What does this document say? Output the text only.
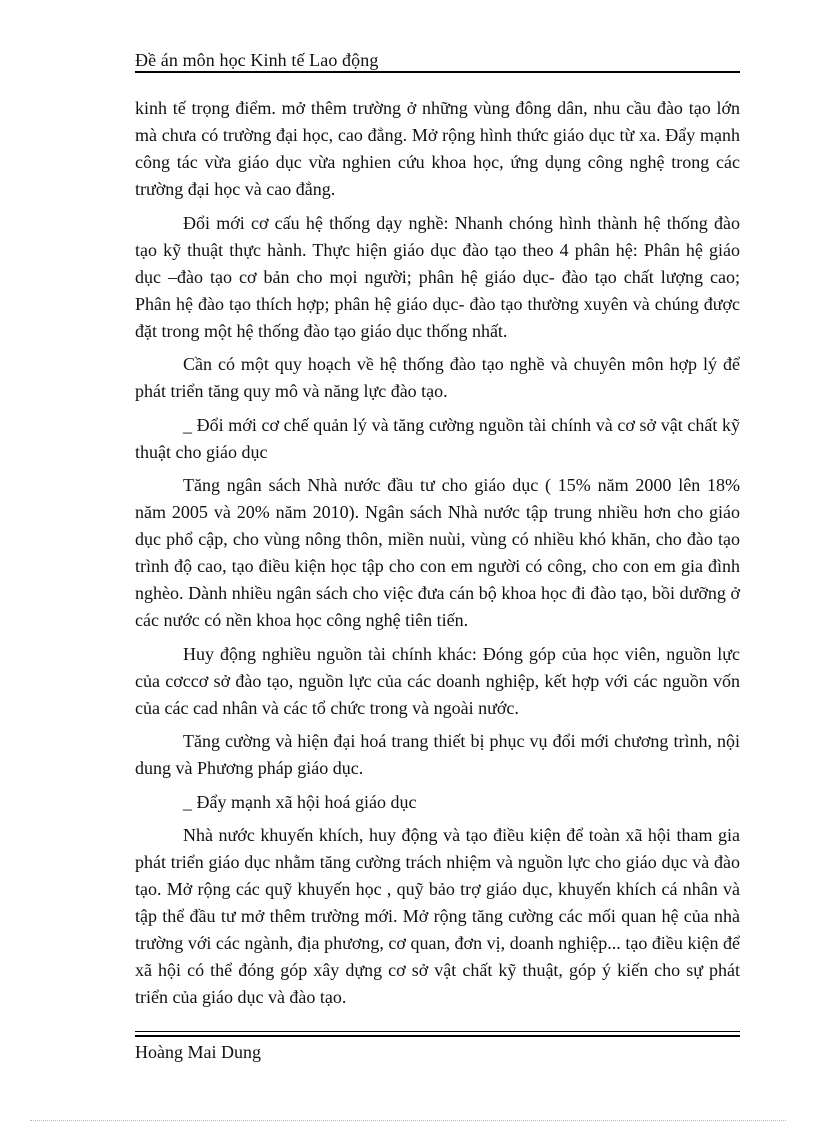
Đề án môn học Kinh tế Lao động

kinh tế trọng điểm. mở thêm trường ở những vùng đông dân, nhu cầu đào tạo lớn mà chưa có trường đại học, cao đẳng. Mở rộng hình thức giáo dục từ xa. Đẩy mạnh công tác vừa giáo dục vừa nghien cứu khoa học, ứng dụng công nghệ trong các trường đại học và cao đẳng.

Đổi mới cơ cấu hệ thống dạy nghề: Nhanh chóng hình thành hệ thống đào tạo kỹ thuật thực hành. Thực hiện giáo dục đào tạo theo 4 phân hệ: Phân hệ giáo dục –đào tạo cơ bản cho mọi người; phân hệ giáo dục- đào tạo chất lượng cao; Phân hệ đào tạo thích hợp; phân hệ giáo dục- đào tạo thường xuyên và chúng được đặt trong một hệ thống đào tạo giáo dục thống nhất.

Cần có một quy hoạch về hệ thống đào tạo nghề và chuyên môn hợp lý để phát triển tăng quy mô và năng lực đào tạo.

_ Đổi mới cơ chế quản lý và tăng cường nguồn tài chính và cơ sở vật chất kỹ thuật cho giáo dục

Tăng ngân sách Nhà nước đầu tư cho giáo dục ( 15% năm 2000 lên 18% năm 2005 và 20% năm 2010). Ngân sách Nhà nước tập trung nhiều hơn cho giáo dục phổ cập, cho vùng nông thôn, miền nuùi, vùng có nhiều khó khăn, cho đào tạo trình độ cao, tạo điều kiện học tập cho con em người có công, cho con em gia đình nghèo. Dành nhiều ngân sách cho việc đưa cán bộ khoa học đi đào tạo, bồi dưỡng ở các nước có nền khoa học công nghệ tiên tiến.

Huy động nghiều nguồn tài chính khác: Đóng góp của học viên, nguồn lực của cơccơ sở đào tạo, nguồn lực của các doanh nghiệp, kết hợp với các nguồn vốn của các cad nhân và các tổ chức trong và ngoài nước.

Tăng cường và hiện đại hoá trang thiết bị phục vụ đổi mới chương trình, nội dung và Phương pháp giáo dục.

_ Đẩy mạnh xã hội hoá giáo dục

Nhà nước khuyến khích, huy động và tạo điều kiện để toàn xã hội tham gia phát triển giáo dục nhằm tăng cường trách nhiệm và nguồn lực cho giáo dục và đào tạo. Mở rộng các quỹ khuyến học , quỹ bảo trợ giáo dục, khuyến khích cá nhân và tập thể đầu tư mở thêm trường mới. Mở rộng tăng cường các mối quan hệ của nhà trường với các ngành, địa phương, cơ quan, đơn vị, doanh nghiệp... tạo điều kiện để xã hội có thể đóng góp xây dựng cơ sở vật chất kỹ thuật, góp ý kiến cho sự phát triển của giáo dục và đào tạo.

Hoàng Mai Dung
